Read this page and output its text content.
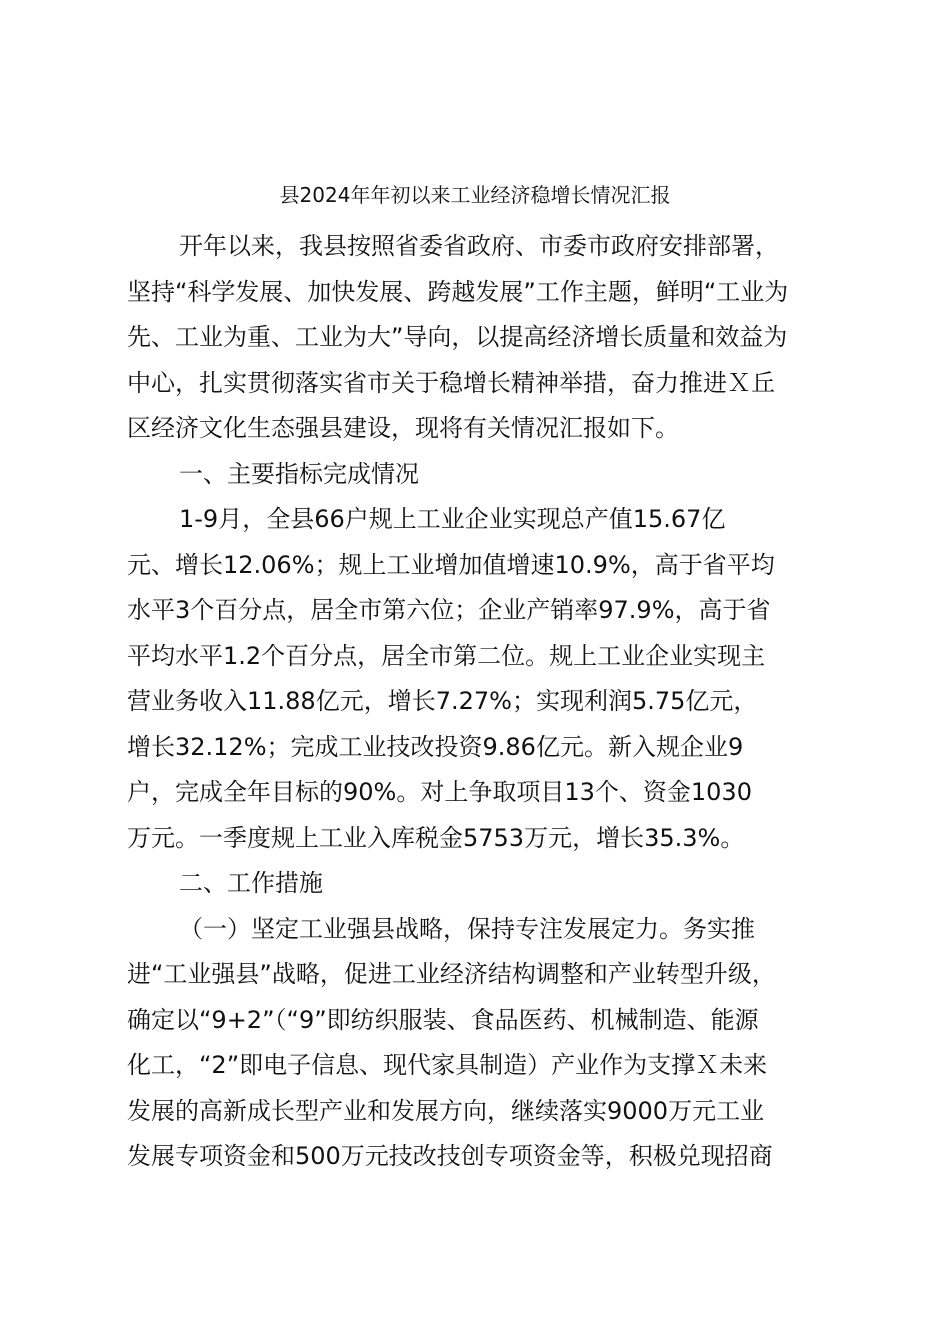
县2024年年初以来工业经济稳增长情况汇报
开年以来，我县按照省委省政府、市委市政府安排部署，
坚持“科学发展、加快发展、跨越发展”工作主题，鲜明“工业为
先、工业为重、工业为大”导向，以提高经济增长质量和效益为
中心，扎实贯彻落实省市关于稳增长精神举措，奋力推进Ｘ丘
区经济文化生态强县建设，现将有关情况汇报如下。
一、主要指标完成情况
1-9月，全县66户规上工业企业实现总产值15.67亿
元、增长12.06%；规上工业增加值增速10.9%，高于省平均
水平3个百分点，居全市第六位；企业产销率97.9%，高于省
平均水平1.2个百分点，居全市第二位。规上工业企业实现主
营业务收入11.88亿元，增长7.27%；实现利润5.75亿元，
增长32.12%；完成工业技改投资9.86亿元。新入规企业9
户，完成全年目标的90%。对上争取项目13个、资金1030
万元。一季度规上工业入库税金5753万元，增长35.3%。
二、工作措施
（一）坚定工业强县战略，保持专注发展定力。务实推
进“工业强县”战略，促进工业经济结构调整和产业转型升级，
确定以“9+2”（“9”即纺织服装、食品医药、机械制造、能源
化工，“2”即电子信息、现代家具制造）产业作为支撑Ｘ未来
发展的高新成长型产业和发展方向，继续落实9000万元工业
发展专项资金和500万元技改技创专项资金等，积极兑现招商
